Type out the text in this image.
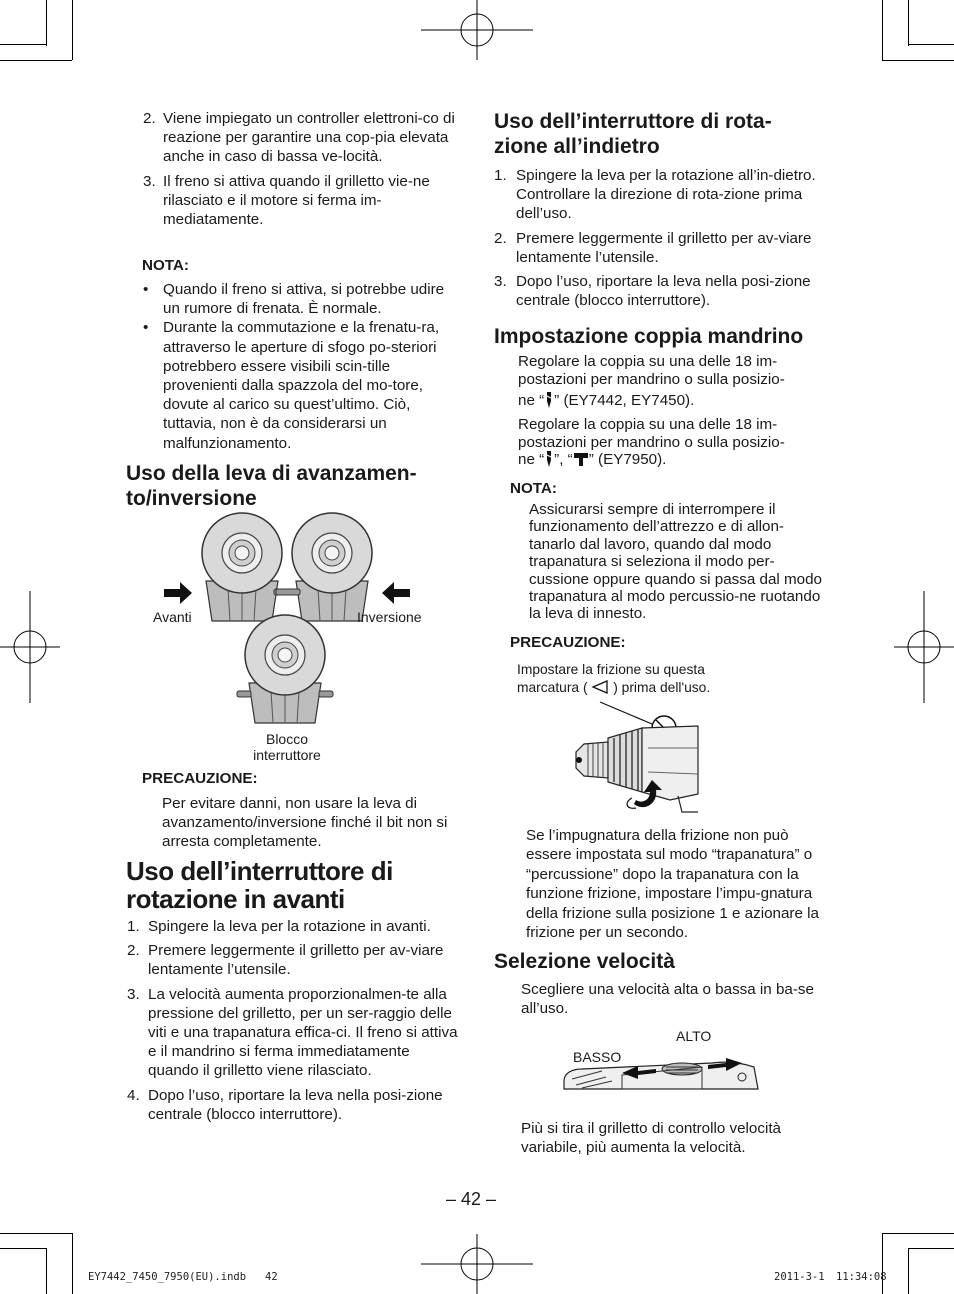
2. Viene impiegato un controller elettroni-co di reazione per garantire una cop-pia elevata anche in caso di bassa ve-locità.
3. Il freno si attiva quando il grilletto vie-ne rilasciato e il motore si ferma im-mediatamente.
NOTA:
• Quando il freno si attiva, si potrebbe udire un rumore di frenata. È normale.
• Durante la commutazione e la frenatu-ra, attraverso le aperture di sfogo po-steriori potrebbero essere visibili scin-tille provenienti dalla spazzola del mo-tore, dovute al carico su quest’ultimo. Ciò, tuttavia, non è da considerarsi un malfunzionamento.
Uso della leva di avanzamen-
to/inversione
Avanti	Inversione
Blocco
interruttore
PRECAUZIONE:
Per evitare danni, non usare la leva di avanzamento/inversione finché il bit non si arresta completamente.
Uso dell’interruttore di
rotazione in avanti
1. Spingere la leva per la rotazione in avanti.
2. Premere leggermente il grilletto per av-viare lentamente l’utensile.
3. La velocità aumenta proporzionalmen-te alla pressione del grilletto, per un ser-raggio delle viti e una trapanatura effica-ci. Il freno si attiva e il mandrino si ferma immediatamente quando il grilletto viene rilasciato.
4. Dopo l’uso, riportare la leva nella posi-zione centrale (blocco interruttore).
Uso dell’interruttore di rota-
zione all’indietro
1. Spingere la leva per la rotazione all’in-dietro. Controllare la direzione di rota-zione prima dell’uso.
2. Premere leggermente il grilletto per av-viare lentamente l’utensile.
3. Dopo l’uso, riportare la leva nella posi-zione centrale (blocco interruttore).
Impostazione coppia mandrino
Regolare la coppia su una delle 18 im-
postazioni per mandrino o sulla posizio-
ne “ ” (EY7442, EY7450).
Regolare la coppia su una delle 18 im-
postazioni per mandrino o sulla posizio-
ne “ ”, “ ” (EY7950).
NOTA:
Assicurarsi sempre di interrompere il funzionamento dell’attrezzo e di allon-tanarlo dal lavoro, quando dal modo trapanatura si seleziona il modo per-cussione oppure quando si passa dal modo trapanatura al modo percussio-ne ruotando la leva di innesto.
PRECAUZIONE:
Impostare la frizione su questa
marcatura ( ) prima dell'uso.
Se l’impugnatura della frizione non può essere impostata sul modo “trapanatura” o “percussione” dopo la trapanatura con la funzione frizione, impostare l’impu-gnatura della frizione sulla posizione 1 e azionare la frizione per un secondo.
Selezione velocità
Scegliere una velocità alta o bassa in ba-se all’uso.
ALTO
BASSO
Più si tira il grilletto di controllo velocità variabile, più aumenta la velocità.
– 42 –
EY7442_7450_7950(EU).indb   42	2011-3-1 11:34:08
